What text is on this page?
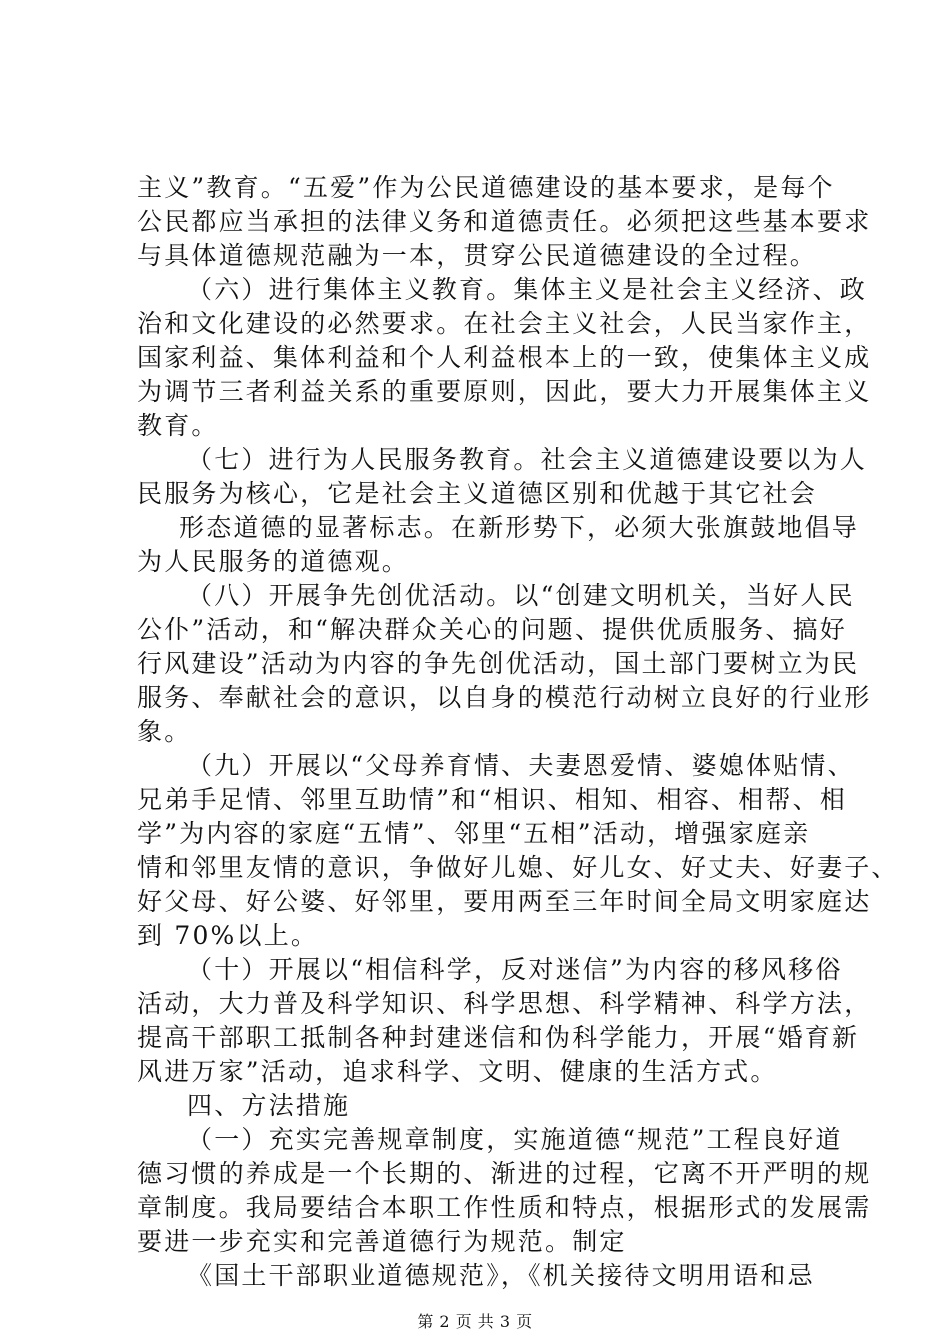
主义”教育。“五爱”作为公民道德建设的基本要求，是每个
公民都应当承担的法律义务和道德责任。必须把这些基本要求
与具体道德规范融为一本，贯穿公民道德建设的全过程。
（六）进行集体主义教育。集体主义是社会主义经济、政
治和文化建设的必然要求。在社会主义社会，人民当家作主，
国家利益、集体利益和个人利益根本上的一致，使集体主义成
为调节三者利益关系的重要原则，因此，要大力开展集体主义
教育。
（七）进行为人民服务教育。社会主义道德建设要以为人
民服务为核心，它是社会主义道德区别和优越于其它社会
形态道德的显著标志。在新形势下，必须大张旗鼓地倡导
为人民服务的道德观。
（八）开展争先创优活动。以“创建文明机关，当好人民
公仆”活动，和“解决群众关心的问题、提供优质服务、搞好
行风建设”活动为内容的争先创优活动，国土部门要树立为民
服务、奉献社会的意识，以自身的模范行动树立良好的行业形
象。
（九）开展以“父母养育情、夫妻恩爱情、婆媳体贴情、
兄弟手足情、邻里互助情”和“相识、相知、相容、相帮、相
学”为内容的家庭“五情”、邻里“五相”活动，增强家庭亲
情和邻里友情的意识，争做好儿媳、好儿女、好丈夫、好妻子、
好父母、好公婆、好邻里，要用两至三年时间全局文明家庭达
到 70%以上。
（十）开展以“相信科学，反对迷信”为内容的移风移俗
活动，大力普及科学知识、科学思想、科学精神、科学方法，
提高干部职工抵制各种封建迷信和伪科学能力，开展“婚育新
风进万家”活动，追求科学、文明、健康的生活方式。
四、方法措施
（一）充实完善规章制度，实施道德“规范”工程良好道
德习惯的养成是一个长期的、渐进的过程，它离不开严明的规
章制度。我局要结合本职工作性质和特点，根据形式的发展需
要进一步充实和完善道德行为规范。制定
《国土干部职业道德规范》，《机关接待文明用语和忌
第 2 页 共 3 页
